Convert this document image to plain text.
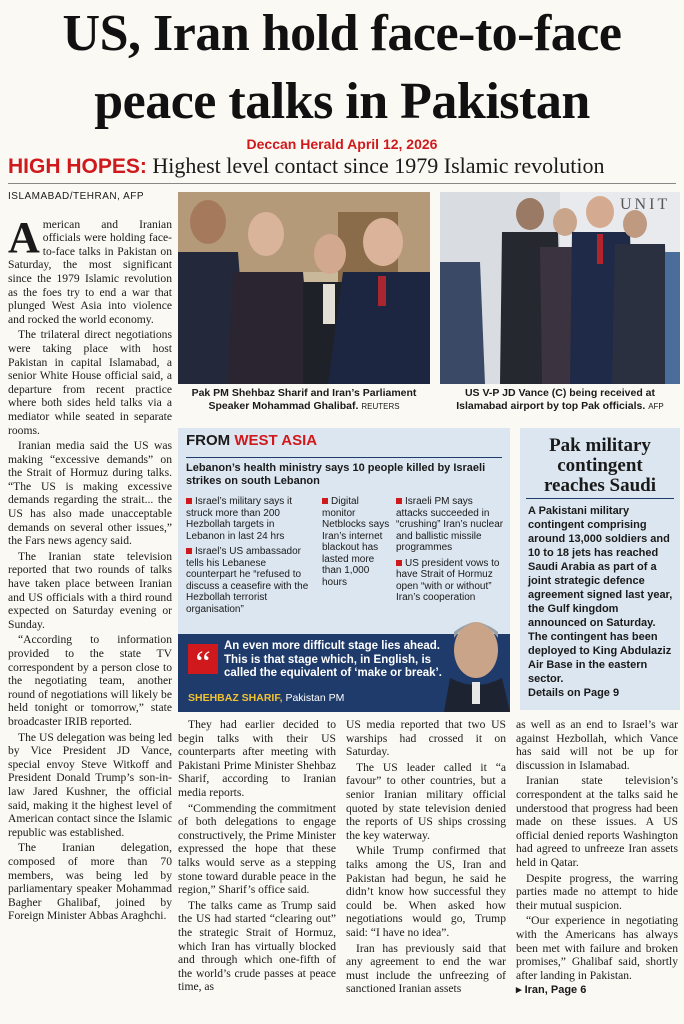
US, Iran hold face-to-face
peace talks in Pakistan
Deccan Herald April 12, 2026
HIGH HOPES: Highest level contact since 1979 Islamic revolution
ISLAMABAD/TEHRAN, AFP

A merican and Iranian officials were holding face-to-face talks in Pakistan on Saturday, the most significant since the 1979 Islamic revolution as the foes try to end a war that plunged West Asia into violence and rocked the world economy.

The trilateral direct negotiations were taking place with host Pakistan in capital Islamabad, a senior White House official said, a departure from recent practice where both sides held talks via a mediator while seated in separate rooms.

Iranian media said the US was making “excessive demands” on the Strait of Hormuz during talks. “The US is making excessive demands regarding the strait... the US has also made unacceptable demands on several other issues,” the Fars news agency said.

The Iranian state television reported that two rounds of talks have taken place between Iranian and US officials with a third round expected on Saturday evening or Sunday.

“According to information provided to the state TV correspondent by a person close to the negotiating team, another round of negotiations will likely be held tonight or tomorrow,” state broadcaster IRIB reported.

The US delegation was being led by Vice President JD Vance, special envoy Steve Witkoff and President Donald Trump’s son-in-law Jared Kushner, the official said, making it the highest level of American contact since the Islamic republic was established.

The Iranian delegation, composed of more than 70 members, was being led by parliamentary speaker Mohammad Bagher Ghalibaf, joined by Foreign Minister Abbas Araghchi.

Pak PM Shehbaz Sharif and Iran’s Parliament Speaker Mohammad Ghalibaf. REUTERS
UNIT
US V-P JD Vance (C) being received at Islamabad airport by top Pak officials. AFP
FROM WEST ASIA
Lebanon’s health ministry says 10 people killed by Israeli strikes on south Lebanon
Israel’s military says it struck more than 200 Hezbollah targets in Lebanon in last 24 hrs
Israel’s US ambassador tells his Lebanese counterpart he “refused to discuss a ceasefire with the Hezbollah terrorist organisation”
Digital monitor Netblocks says Iran’s internet blackout has lasted more than 1,000 hours
Israeli PM says attacks succeeded in “crushing” Iran’s nuclear and ballistic missile programmes
US president vows to have Strait of Hormuz open “with or without” Iran’s cooperation
“	An even more difficult stage lies ahead. This is that stage which, in English, is called the equivalent of ‘make or break’.
SHEHBAZ SHARIF, Pakistan PM
Pak military contingent reaches Saudi
A Pakistani military contingent comprising around 13,000 soldiers and 10 to 18 jets has reached Saudi Arabia as part of a joint strategic defence agreement signed last year, the Gulf kingdom announced on Saturday. The contingent has been deployed to King Abdulaziz Air Base in the eastern sector.
Details on Page 9

They had earlier decided to begin talks with their US counterparts after meeting with Pakistani Prime Minister Shehbaz Sharif, according to Iranian media reports.

“Commending the commitment of both delegations to engage constructively, the Prime Minister expressed the hope that these talks would serve as a stepping stone toward durable peace in the region,” Sharif’s office said.

The talks came as Trump said the US had started “clearing out” the strategic Strait of Hormuz, which Iran has virtually blocked and through which one-fifth of the world’s crude passes at peace time, as

US media reported that two US warships had crossed it on Saturday.

The US leader called it “a favour” to other countries, but a senior Iranian military official quoted by state television denied the reports of US ships crossing the key waterway.

While Trump confirmed that talks among the US, Iran and Pakistan had begun, he said he didn’t know how successful they could be. When asked how negotiations would go, Trump said: “I have no idea”.

Iran has previously said that any agreement to end the war must include the unfreezing of sanctioned Iranian assets

as well as an end to Israel’s war against Hezbollah, which Vance has said will not be up for discussion in Islamabad.

Iranian state television’s correspondent at the talks said he understood that progress had been made on these issues. A US official denied reports Washington had agreed to unfreeze Iran assets held in Qatar.

Despite progress, the warring parties made no attempt to hide their mutual suspicion.

“Our experience in negotiating with the Americans has always been met with failure and broken promises,” Ghalibaf said, shortly after landing in Pakistan.

▸ Iran, Page 6
